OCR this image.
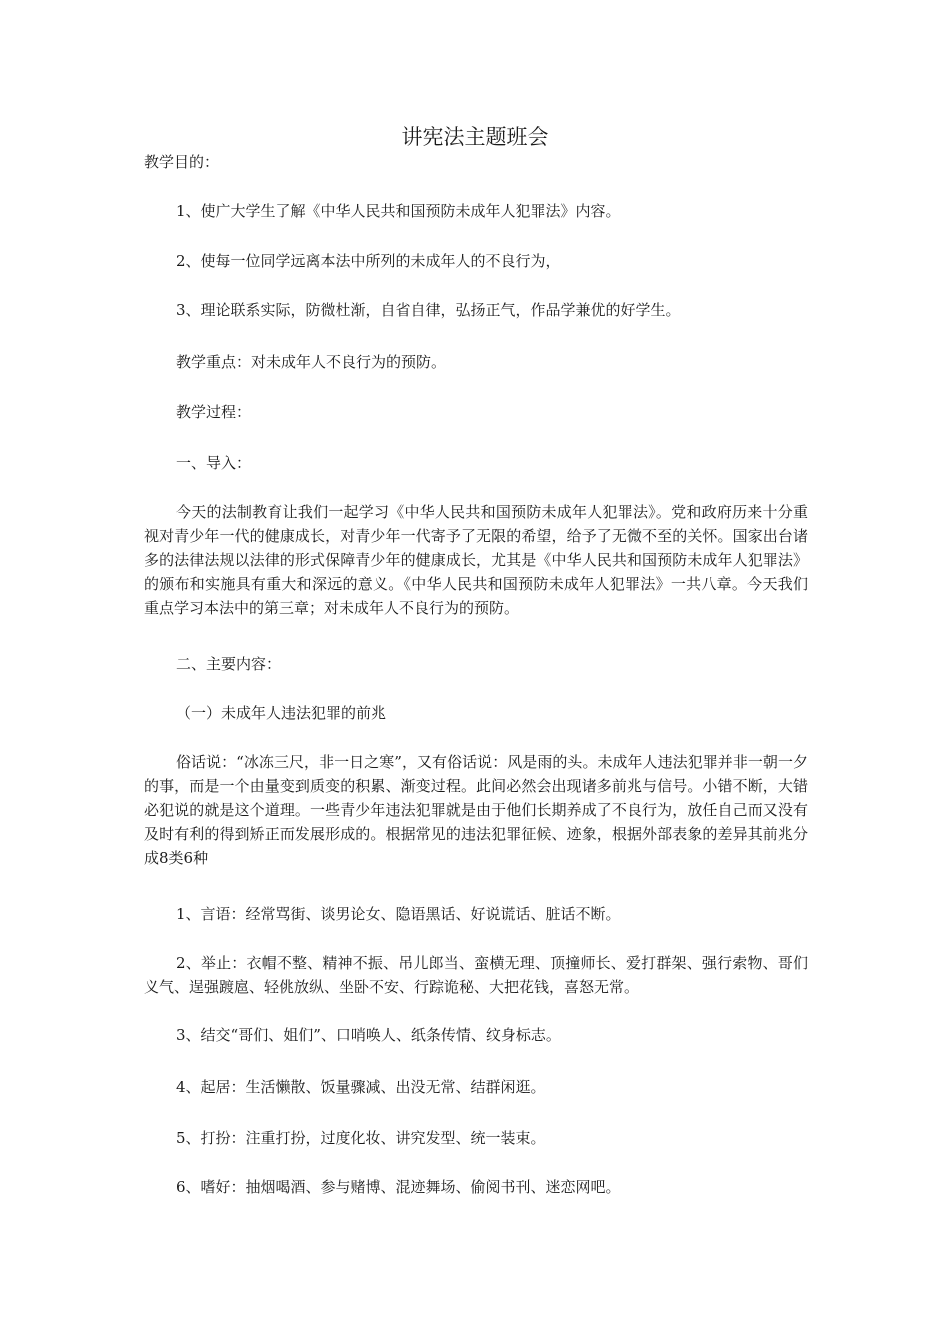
讲宪法主题班会

教学目的：

1、使广大学生了解《中华人民共和国预防未成年人犯罪法》内容。

2、使每一位同学远离本法中所列的未成年人的不良行为，

3、理论联系实际，防微杜渐，自省自律，弘扬正气，作品学兼优的好学生。

教学重点：对未成年人不良行为的预防。

教学过程：

一、导入：

今天的法制教育让我们一起学习《中华人民共和国预防未成年人犯罪法》。党和政府历来十分重视对青少年一代的健康成长，对青少年一代寄予了无限的希望，给予了无微不至的关怀。国家出台诸多的法律法规以法律的形式保障青少年的健康成长，尤其是《中华人民共和国预防未成年人犯罪法》的颁布和实施具有重大和深远的意义。《中华人民共和国预防未成年人犯罪法》一共八章。今天我们重点学习本法中的第三章；对未成年人不良行为的预防。

二、主要内容：

（一）未成年人违法犯罪的前兆

俗话说：“冰冻三尺，非一日之寒”，又有俗话说：风是雨的头。未成年人违法犯罪并非一朝一夕的事，而是一个由量变到质变的积累、渐变过程。此间必然会出现诸多前兆与信号。小错不断，大错必犯说的就是这个道理。一些青少年违法犯罪就是由于他们长期养成了不良行为，放任自己而又没有及时有利的得到矫正而发展形成的。根据常见的违法犯罪征候、迹象，根据外部表象的差异其前兆分成8类6种

1、言语：经常骂街、谈男论女、隐语黑话、好说谎话、脏话不断。

2、举止：衣帽不整、精神不振、吊儿郎当、蛮横无理、顶撞师长、爱打群架、强行索物、哥们义气、逞强踱扈、轻佻放纵、坐卧不安、行踪诡秘、大把花钱，喜怒无常。

3、结交“哥们、姐们”、口哨唤人、纸条传情、纹身标志。

4、起居：生活懒散、饭量骤减、出没无常、结群闲逛。

5、打扮：注重打扮，过度化妆、讲究发型、统一装束。

6、嗜好：抽烟喝酒、参与赌博、混迹舞场、偷阅书刊、迷恋网吧。
